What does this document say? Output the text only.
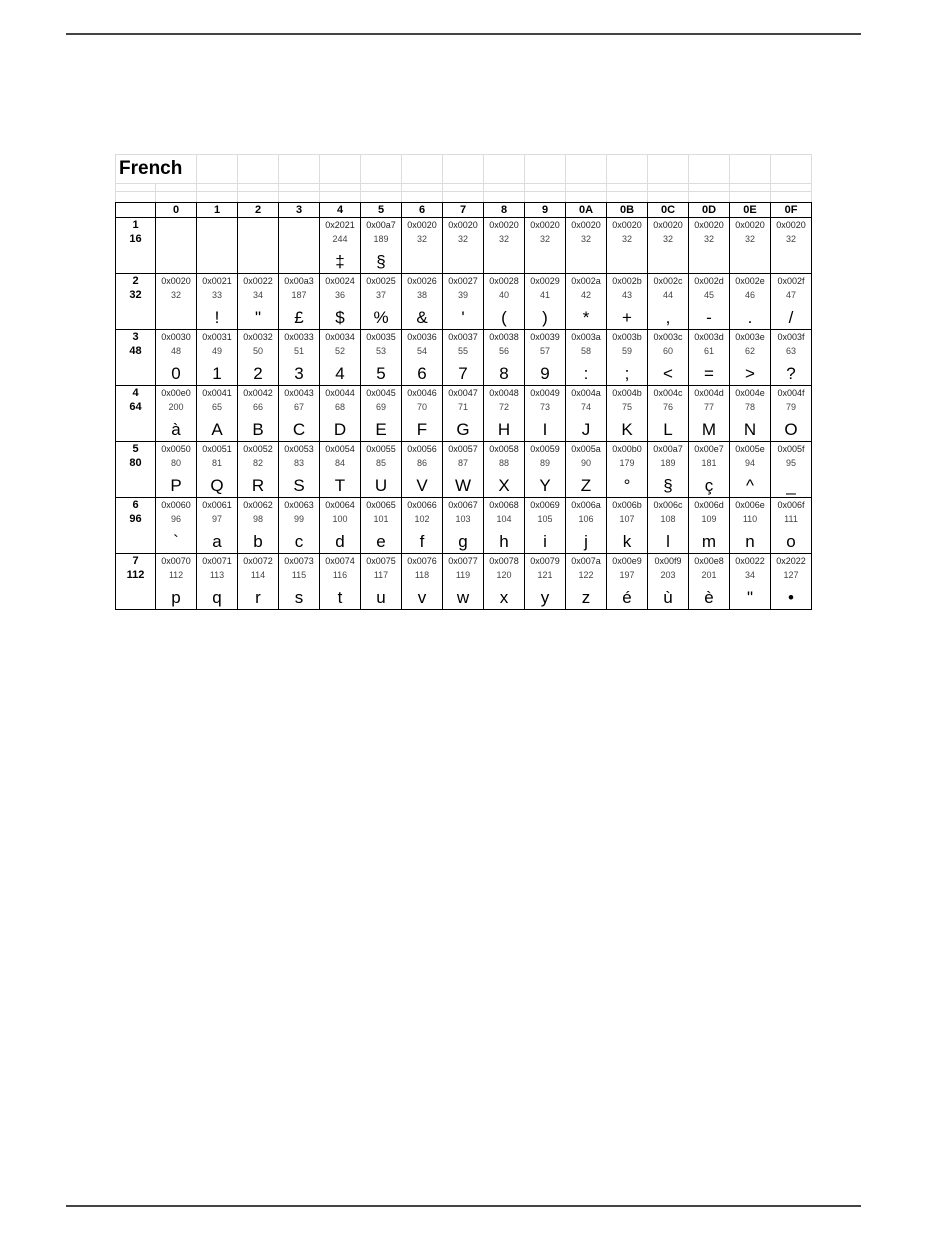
French																

	0	1	2	3	4	5	6	7	8	9	0A	0B	0C	0D	0E	0F
1					0x2021	0x00a7	0x0020	0x0020	0x0020	0x0020	0x0020	0x0020	0x0020	0x0020	0x0020	0x0020
16					244	189	32	32	32	32	32	32	32	32	32	32
					‡	§										
2	0x0020	0x0021	0x0022	0x00a3	0x0024	0x0025	0x0026	0x0027	0x0028	0x0029	0x002a	0x002b	0x002c	0x002d	0x002e	0x002f
32	32	33	34	187	36	37	38	39	40	41	42	43	44	45	46	47
		!	"	£	$	%	&	'	(	)	*	+	,	-	.	/
3	0x0030	0x0031	0x0032	0x0033	0x0034	0x0035	0x0036	0x0037	0x0038	0x0039	0x003a	0x003b	0x003c	0x003d	0x003e	0x003f
48	48	49	50	51	52	53	54	55	56	57	58	59	60	61	62	63
	0	1	2	3	4	5	6	7	8	9	:	;	<	=	>	?
4	0x00e0	0x0041	0x0042	0x0043	0x0044	0x0045	0x0046	0x0047	0x0048	0x0049	0x004a	0x004b	0x004c	0x004d	0x004e	0x004f
64	200	65	66	67	68	69	70	71	72	73	74	75	76	77	78	79
	à	A	B	C	D	E	F	G	H	I	J	K	L	M	N	O
5	0x0050	0x0051	0x0052	0x0053	0x0054	0x0055	0x0056	0x0057	0x0058	0x0059	0x005a	0x00b0	0x00a7	0x00e7	0x005e	0x005f
80	80	81	82	83	84	85	86	87	88	89	90	179	189	181	94	95
	P	Q	R	S	T	U	V	W	X	Y	Z	°	§	ç	^	_
6	0x0060	0x0061	0x0062	0x0063	0x0064	0x0065	0x0066	0x0067	0x0068	0x0069	0x006a	0x006b	0x006c	0x006d	0x006e	0x006f
96	96	97	98	99	100	101	102	103	104	105	106	107	108	109	110	111
	`	a	b	c	d	e	f	g	h	i	j	k	l	m	n	o
7	0x0070	0x0071	0x0072	0x0073	0x0074	0x0075	0x0076	0x0077	0x0078	0x0079	0x007a	0x00e9	0x00f9	0x00e8	0x0022	0x2022
112	112	113	114	115	116	117	118	119	120	121	122	197	203	201	34	127
	p	q	r	s	t	u	v	w	x	y	z	é	ù	è	"	•
